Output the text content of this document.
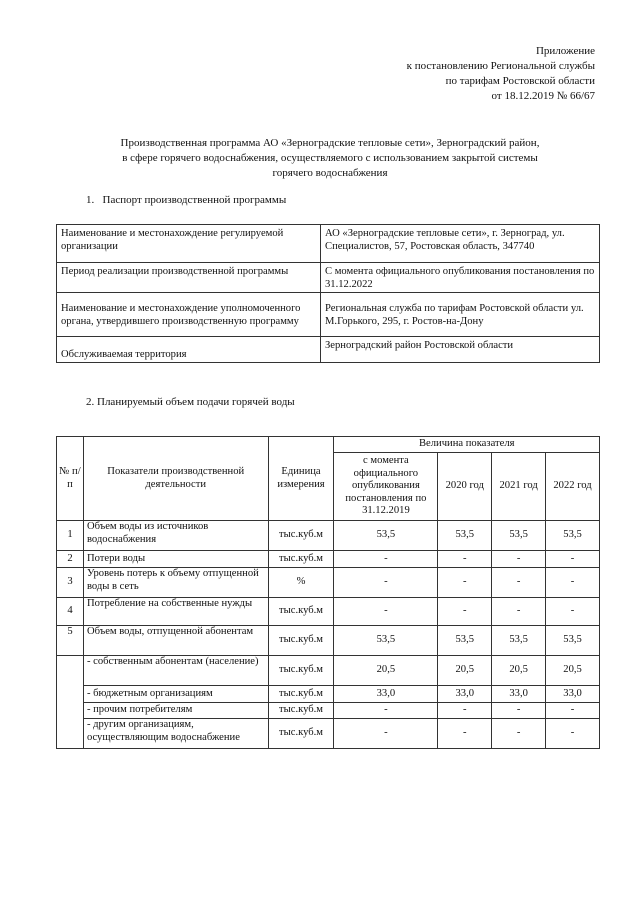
Приложение
к постановлению Региональной службы
по тарифам Ростовской области
от 18.12.2019 № 66/67
Производственная программа АО «Зерноградские тепловые сети», Зерноградский район,
в сфере горячего водоснабжения, осуществляемого с использованием закрытой системы
горячего водоснабжения
1. Паспорт производственной программы
Наименование и местонахождение регулируемой организации	АО «Зерноградские тепловые сети», г. Зерноград, ул. Специалистов, 57, Ростовская область, 347740
Период реализации производственной программы	С момента официального опубликования постановления по 31.12.2022
Наименование и местонахождение уполномоченного органа, утвердившего производственную программу	Региональная служба по тарифам Ростовской области ул. М.Горького, 295, г. Ростов-на-Дону
Обслуживаемая территория	Зерноградский район Ростовской области
2. Планируемый объем подачи горячей воды
№ п/п	Показатели производственной деятельности	Единица измерения	Величина показателя			
			с момента официального опубликования постановления по 31.12.2019	2020 год	2021 год	2022 год
1	Объем воды из источников водоснабжения	тыс.куб.м	53,5	53,5	53,5	53,5
2	Потери воды	тыс.куб.м	-	-	-	-
3	Уровень потерь к объему отпущенной воды в сеть	%	-	-	-	-
4	Потребление на собственные нужды	тыс.куб.м	-	-	-	-
5	Объем воды, отпущенной абонентам	тыс.куб.м	53,5	53,5	53,5	53,5
	- собственным абонентам (население)	тыс.куб.м	20,5	20,5	20,5	20,5
	- бюджетным организациям	тыс.куб.м	33,0	33,0	33,0	33,0
	- прочим потребителям	тыс.куб.м	-	-	-	-
	- другим организациям, осуществляющим водоснабжение	тыс.куб.м	-	-	-	-
